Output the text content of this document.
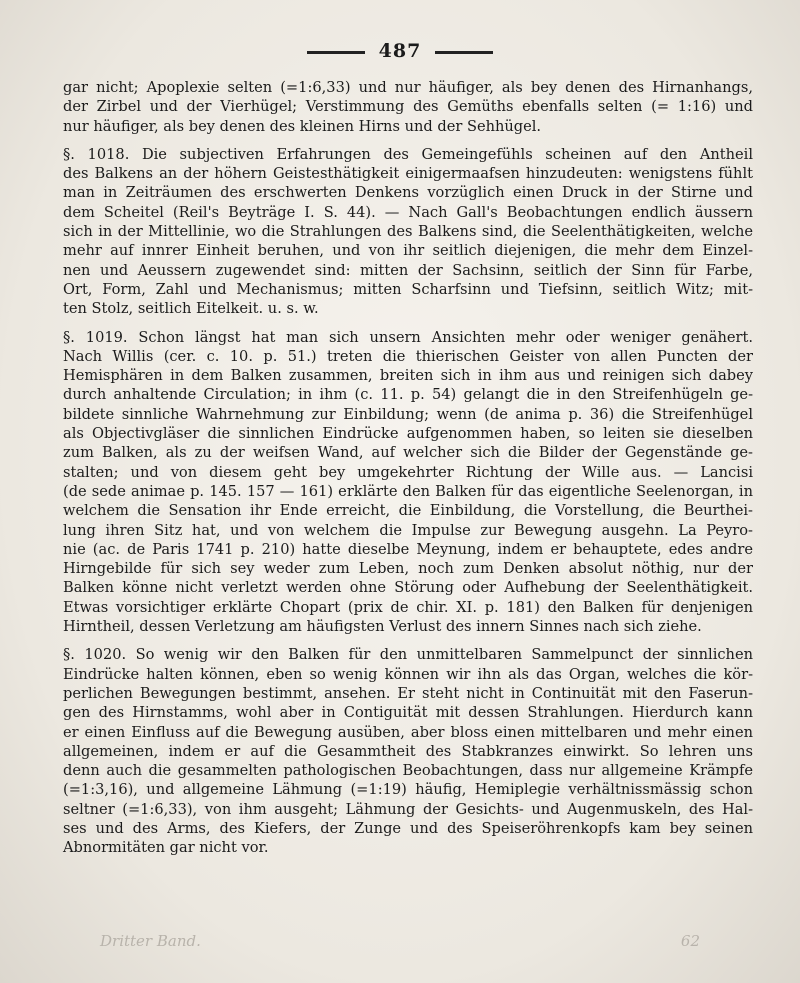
487
gar nicht; Apoplexie selten (=1:6,33) und nur häufiger, als bey denen des Hirnanhangs,
der Zirbel und der Vierhügel; Verstimmung des Gemüths ebenfalls selten (= 1:16) und
nur häufiger, als bey denen des kleinen Hirns und der Sehhügel.
§. 1018. Die subjectiven Erfahrungen des Gemeingefühls scheinen auf den Antheil
des Balkens an der höhern Geistesthätigkeit einigermaafsen hinzudeuten: wenigstens fühlt
man in Zeiträumen des erschwerten Denkens vorzüglich einen Druck in der Stirne und
dem Scheitel (Reil's Beyträge I. S. 44). — Nach Gall's Beobachtungen endlich äussern
sich in der Mittellinie, wo die Strahlungen des Balkens sind, die Seelenthätigkeiten, welche
mehr auf innrer Einheit beruhen, und von ihr seitlich diejenigen, die mehr dem Einzel-
nen und Aeussern zugewendet sind: mitten der Sachsinn, seitlich der Sinn für Farbe,
Ort, Form, Zahl und Mechanismus; mitten Scharfsinn und Tiefsinn, seitlich Witz; mit-
ten Stolz, seitlich Eitelkeit. u. s. w.
§. 1019. Schon längst hat man sich unsern Ansichten mehr oder weniger genähert.
Nach Willis (cer. c. 10. p. 51.) treten die thierischen Geister von allen Puncten der
Hemisphären in dem Balken zusammen, breiten sich in ihm aus und reinigen sich dabey
durch anhaltende Circulation; in ihm (c. 11. p. 54) gelangt die in den Streifenhügeln ge-
bildete sinnliche Wahrnehmung zur Einbildung; wenn (de anima p. 36) die Streifenhügel
als Objectivgläser die sinnlichen Eindrücke aufgenommen haben, so leiten sie dieselben
zum Balken, als zu der weifsen Wand, auf welcher sich die Bilder der Gegenstände ge-
stalten; und von diesem geht bey umgekehrter Richtung der Wille aus. — Lancisi
(de sede animae p. 145. 157 — 161) erklärte den Balken für das eigentliche Seelenorgan, in
welchem die Sensation ihr Ende erreicht, die Einbildung, die Vorstellung, die Beurthei-
lung ihren Sitz hat, und von welchem die Impulse zur Bewegung ausgehn. La Peyro-
nie (ac. de Paris 1741 p. 210) hatte dieselbe Meynung, indem er behauptete, edes andre
Hirngebilde für sich sey weder zum Leben, noch zum Denken absolut nöthig, nur der
Balken könne nicht verletzt werden ohne Störung oder Aufhebung der Seelenthätigkeit.
Etwas vorsichtiger erklärte Chopart (prix de chir. XI. p. 181) den Balken für denjenigen
Hirntheil, dessen Verletzung am häufigsten Verlust des innern Sinnes nach sich ziehe.
§. 1020. So wenig wir den Balken für den unmittelbaren Sammelpunct der sinnlichen
Eindrücke halten können, eben so wenig können wir ihn als das Organ, welches die kör-
perlichen Bewegungen bestimmt, ansehen. Er steht nicht in Continuität mit den Faserun-
gen des Hirnstamms, wohl aber in Contiguität mit dessen Strahlungen. Hierdurch kann
er einen Einfluss auf die Bewegung ausüben, aber bloss einen mittelbaren und mehr einen
allgemeinen, indem er auf die Gesammtheit des Stabkranzes einwirkt. So lehren uns
denn auch die gesammelten pathologischen Beobachtungen, dass nur allgemeine Krämpfe
(=1:3,16), und allgemeine Lähmung (=1:19) häufig, Hemiplegie verhältnissmässig schon
seltner (=1:6,33), von ihm ausgeht; Lähmung der Gesichts- und Augenmuskeln, des Hal-
ses und des Arms, des Kiefers, der Zunge und des Speiseröhrenkopfs kam bey seinen
Abnormitäten gar nicht vor.
Dritter Band.	62
